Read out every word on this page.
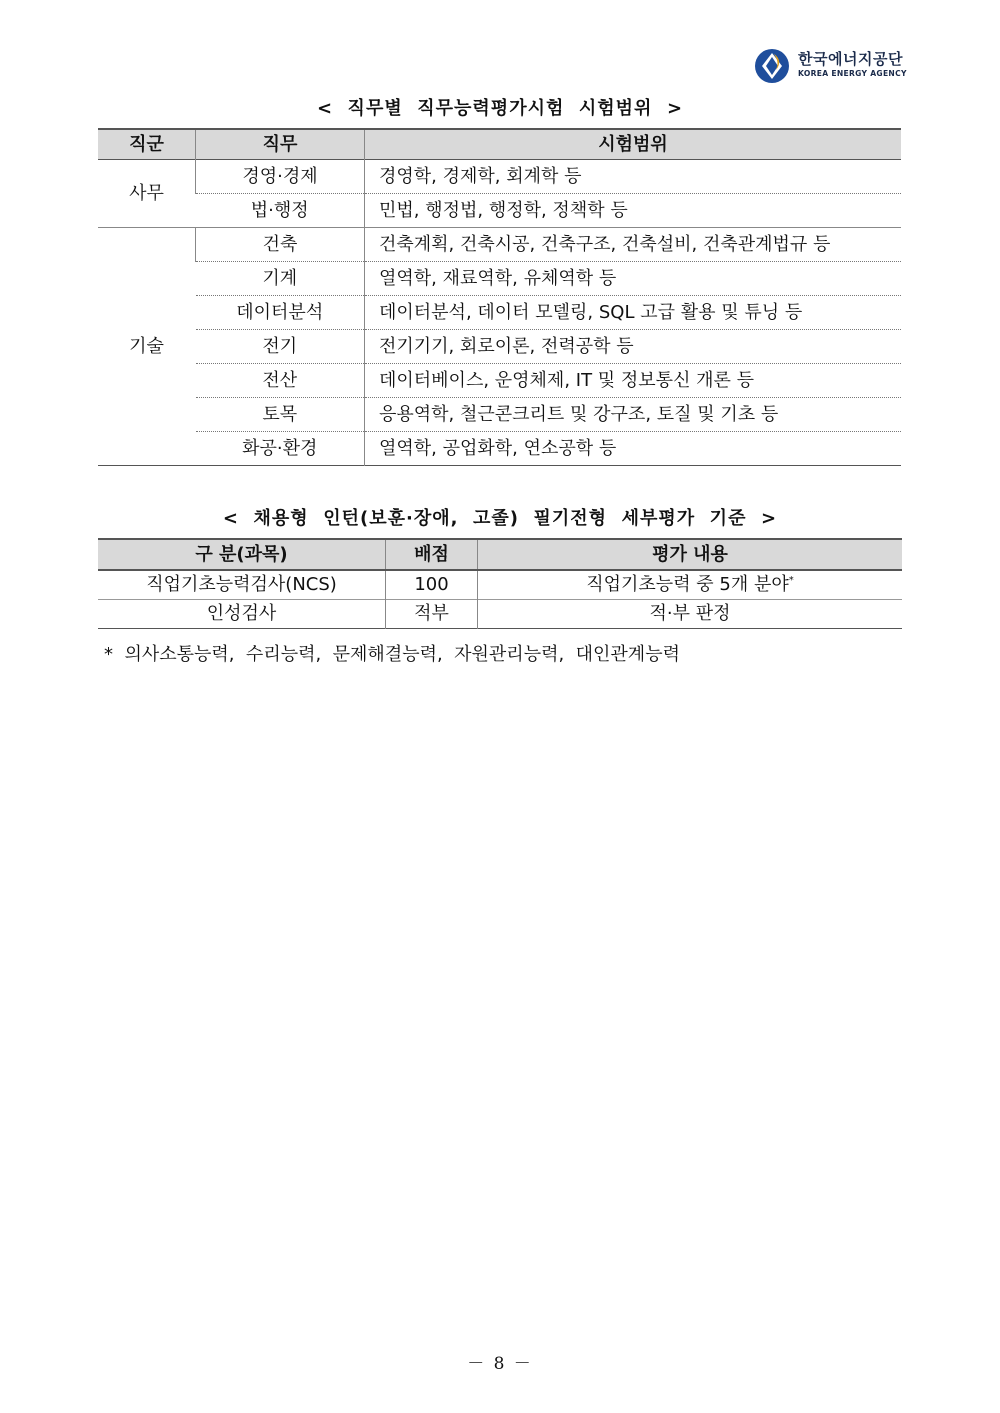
한국에너지공단
KOREA ENERGY AGENCY
<  직무별  직무능력평가시험  시험범위  >
직군	직무	시험범위
사무	경영·경제	경영학, 경제학, 회계학 등
	법·행정	민법, 행정법, 행정학, 정책학 등
기술	건축	건축계획, 건축시공, 건축구조, 건축설비, 건축관계법규 등
	기계	열역학, 재료역학, 유체역학 등
	데이터분석	데이터분석, 데이터 모델링, SQL 고급 활용 및 튜닝 등
	전기	전기기기, 회로이론, 전력공학 등
	전산	데이터베이스, 운영체제, IT 및 정보통신 개론 등
	토목	응용역학, 철근콘크리트 및 강구조, 토질 및 기초 등
	화공·환경	열역학, 공업화학, 연소공학 등
<  채용형  인턴(보훈·장애,  고졸)  필기전형  세부평가  기준  >
구 분(과목)	배점	평가 내용
직업기초능력검사(NCS)	100	직업기초능력 중 5개 분야*
인성검사	적부	적·부 판정
*  의사소통능력,  수리능력,  문제해결능력,  자원관리능력,  대인관계능력
－ 8 －
